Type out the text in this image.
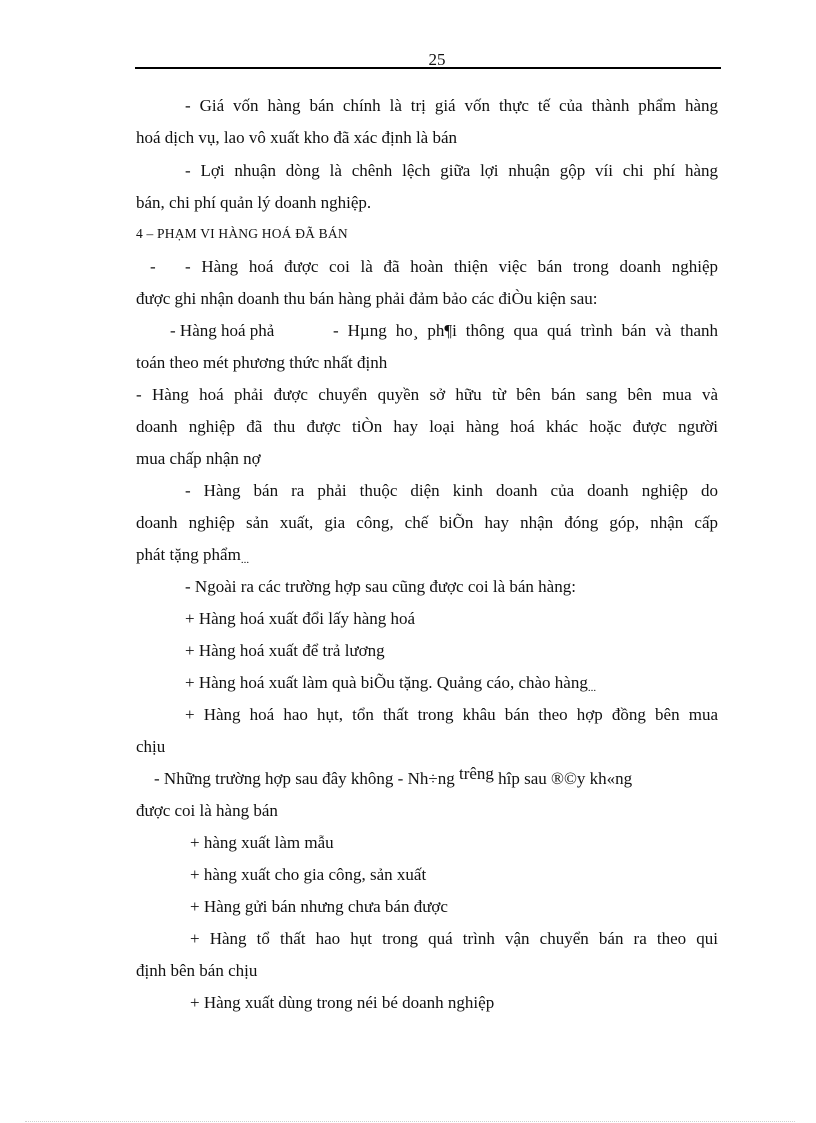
25
- Giá vốn hàng bán chính là trị giá vốn thực tế của thành phẩm hàng
hoá dịch vụ, lao vô xuất kho đã xác định là bán
- Lợi nhuận dòng là chênh lệch giữa lợi nhuận gộp víi chi phí hàng
bán, chi phí quản lý doanh nghiệp.
4 – PHẠM VI HÀNG HOÁ ĐÃ BÁN
- - Hàng hoá được coi là đã hoàn thiện việc bán trong doanh nghiệp
được ghi nhận doanh thu bán hàng phải đảm bảo các điÒu kiện sau:
- Hàng hoá phả	- Hµng ho¸ ph¶i thông qua quá trình bán và thanh
toán theo mét phương thức nhất định
- Hàng hoá phải được chuyển quyền sở hữu từ bên bán sang bên mua và
doanh nghiệp đã thu được tiÒn hay loại hàng hoá khác hoặc được người
mua chấp nhận nợ
- Hàng bán ra phải thuộc diện kinh doanh của doanh nghiệp do
doanh nghiệp sản xuất, gia công, chế biÕn hay nhận đóng góp, nhận cấp
phát tặng phẩm...
- Ngoài ra các trường hợp sau cũng được coi là bán hàng:
+ Hàng hoá xuất đổi lấy hàng hoá
+ Hàng hoá xuất để trả lương
+ Hàng hoá xuất làm quà biÕu tặng. Quảng cáo, chào hàng...
+ Hàng hoá hao hụt, tổn thất trong khâu bán theo hợp đồng bên mua
chịu
- Những trường hợp sau đây không - Nh÷ng trêng hîp sau ®©y kh«ng
được coi là hàng bán
+ hàng xuất làm mẫu
+ hàng xuất cho gia công, sản xuất
+ Hàng gửi bán nhưng chưa bán được
+ Hàng tổ thất hao hụt trong quá trình vận chuyển bán ra theo qui
định bên bán chịu
+ Hàng xuất dùng trong néi bé doanh nghiệp
